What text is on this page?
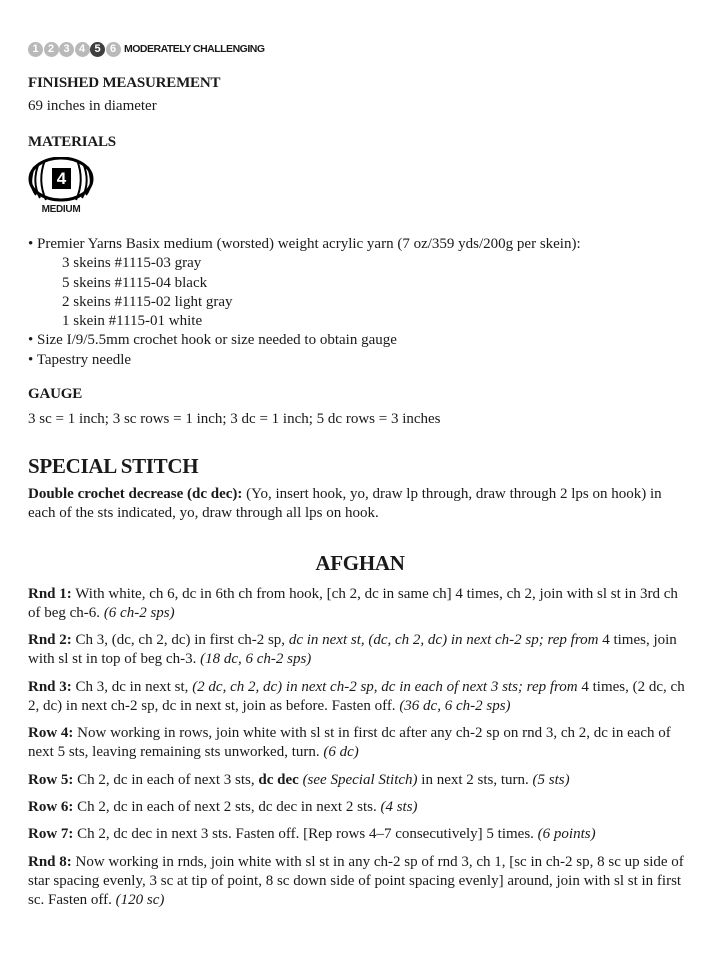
1 2 3 4 5 6 MODERATELY CHALLENGING
FINISHED MEASUREMENT
69 inches in diameter
MATERIALS
4
MEDIUM
• Premier Yarns Basix medium (worsted) weight acrylic yarn (7 oz/359 yds/200g per skein):
3 skeins #1115-03 gray
5 skeins #1115-04 black
2 skeins #1115-02 light gray
1 skein #1115-01 white
• Size I/9/5.5mm crochet hook or size needed to obtain gauge
• Tapestry needle
GAUGE
3 sc = 1 inch; 3 sc rows = 1 inch; 3 dc = 1 inch; 5 dc rows = 3 inches
SPECIAL STITCH
Double crochet decrease (dc dec): (Yo, insert hook, yo, draw lp through, draw through 2 lps on hook) in each of the sts indicated, yo, draw through all lps on hook.
AFGHAN
Rnd 1: With white, ch 6, dc in 6th ch from hook, [ch 2, dc in same ch] 4 times, ch 2, join with sl st in 3rd ch of beg ch-6. (6 ch-2 sps)
Rnd 2: Ch 3, (dc, ch 2, dc) in first ch-2 sp, dc in next st, (dc, ch 2, dc) in next ch-2 sp; rep from 4 times, join with sl st in top of beg ch-3. (18 dc, 6 ch-2 sps)
Rnd 3: Ch 3, dc in next st, (2 dc, ch 2, dc) in next ch-2 sp, dc in each of next 3 sts; rep from 4 times, (2 dc, ch 2, dc) in next ch-2 sp, dc in next st, join as before. Fasten off. (36 dc, 6 ch-2 sps)
Row 4: Now working in rows, join white with sl st in first dc after any ch-2 sp on rnd 3, ch 2, dc in each of next 5 sts, leaving remaining sts unworked, turn. (6 dc)
Row 5: Ch 2, dc in each of next 3 sts, dc dec (see Special Stitch) in next 2 sts, turn. (5 sts)
Row 6: Ch 2, dc in each of next 2 sts, dc dec in next 2 sts. (4 sts)
Row 7: Ch 2, dc dec in next 3 sts. Fasten off. [Rep rows 4–7 consecutively] 5 times. (6 points)
Rnd 8: Now working in rnds, join white with sl st in any ch-2 sp of rnd 3, ch 1, [sc in ch-2 sp, 8 sc up side of star spacing evenly, 3 sc at tip of point, 8 sc down side of point spacing evenly] around, join with sl st in first sc. Fasten off. (120 sc)
